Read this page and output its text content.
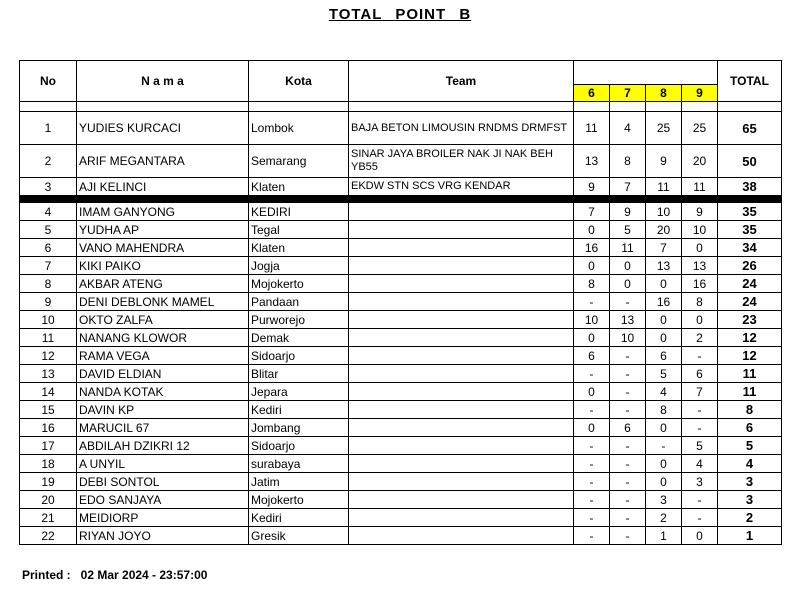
TOTAL POINT B
No	N a m a	Kota	Team					TOTAL
				6	7	8	9	

1	YUDIES KURCACI	Lombok	BAJA BETON LIMOUSIN RNDMS DRMFST	11	4	25	25	65
2	ARIF MEGANTARA	Semarang	SINAR JAYA BROILER NAK JI NAK BEH YB55	13	8	9	20	50
3	AJI KELINCI	Klaten	EKDW STN SCS VRG KENDAR	9	7	11	11	38

4	IMAM GANYONG	KEDIRI		7	9	10	9	35
5	YUDHA AP	Tegal		0	5	20	10	35
6	VANO MAHENDRA	Klaten		16	11	7	0	34
7	KIKI PAIKO	Jogja		0	0	13	13	26
8	AKBAR ATENG	Mojokerto		8	0	0	16	24
9	DENI DEBLONK MAMEL	Pandaan		-	-	16	8	24
10	OKTO ZALFA	Purworejo		10	13	0	0	23
11	NANANG KLOWOR	Demak		0	10	0	2	12
12	RAMA VEGA	Sidoarjo		6	-	6	-	12
13	DAVID ELDIAN	Blitar		-	-	5	6	11
14	NANDA KOTAK	Jepara		0	-	4	7	11
15	DAVIN KP	Kediri		-	-	8	-	8
16	MARUCIL 67	Jombang		0	6	0	-	6
17	ABDILAH DZIKRI 12	Sidoarjo		-	-	-	5	5
18	A UNYIL	surabaya		-	-	0	4	4
19	DEBI SONTOL	Jatim		-	-	0	3	3
20	EDO SANJAYA	Mojokerto		-	-	3	-	3
21	MEIDIORP	Kediri		-	-	2	-	2
22	RIYAN JOYO	Gresik		-	-	1	0	1
Printed : 02 Mar 2024 - 23:57:00
